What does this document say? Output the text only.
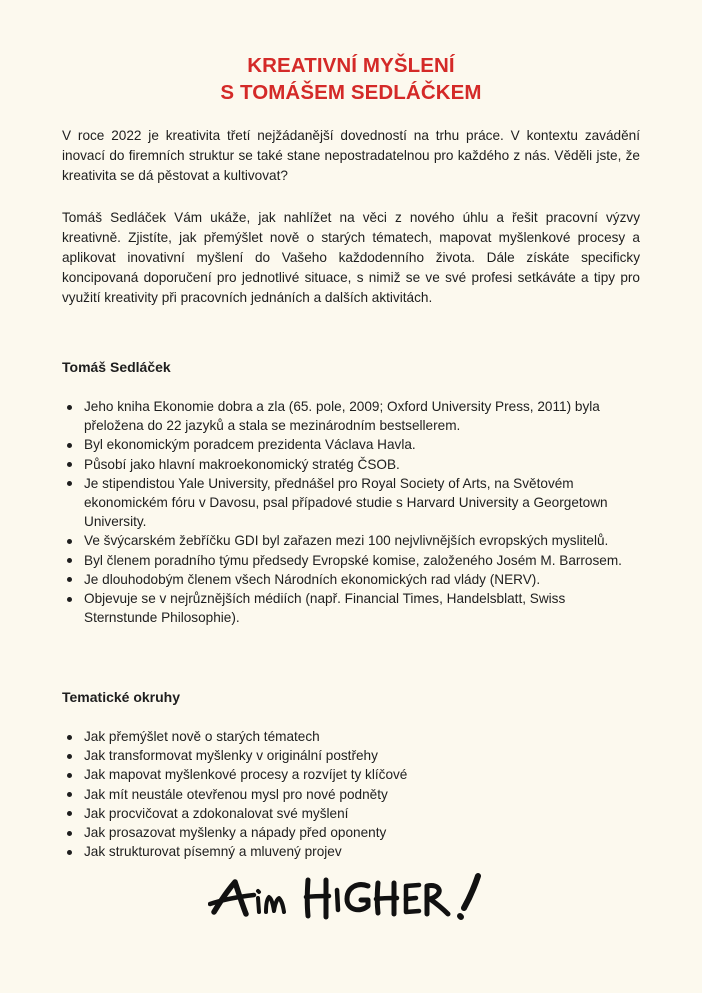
KREATIVNÍ MYŠLENÍ
S TOMÁŠEM SEDLÁČKEM

V roce 2022 je kreativita třetí nejžádanější dovedností na trhu práce. V kontextu zavádění inovací do firemních struktur se také stane nepostradatelnou pro každého z nás. Věděli jste, že kreativita se dá pěstovat a kultivovat?

Tomáš Sedláček Vám ukáže, jak nahlížet na věci z nového úhlu a řešit pracovní výzvy kreativně. Zjistíte, jak přemýšlet nově o starých tématech, mapovat myšlenkové procesy a aplikovat inovativní myšlení do Vašeho každodenního života. Dále získáte specificky koncipovaná doporučení pro jednotlivé situace, s nimiž se ve své profesi setkáváte a tipy pro využití kreativity při pracovních jednáních a dalších aktivitách.

Tomáš Sedláček
Jeho kniha Ekonomie dobra a zla (65. pole, 2009; Oxford University Press, 2011) byla přeložena do 22 jazyků a stala se mezinárodním bestsellerem.
Byl ekonomickým poradcem prezidenta Václava Havla.
Působí jako hlavní makroekonomický stratég ČSOB.
Je stipendistou Yale University, přednášel pro Royal Society of Arts, na Světovém ekonomickém fóru v Davosu, psal případové studie s Harvard University a Georgetown University.
Ve švýcarském žebříčku GDI byl zařazen mezi 100 nejvlivnějších evropských myslitelů.
Byl členem poradního týmu předsedy Evropské komise, založeného Josém M. Barrosem.
Je dlouhodobým členem všech Národních ekonomických rad vlády (NERV).
Objevuje se v nejrůznějších médiích (např. Financial Times, Handelsblatt, Swiss Sternstunde Philosophie).
Tematické okruhy
Jak přemýšlet nově o starých tématech
Jak transformovat myšlenky v originální postřehy
Jak mapovat myšlenkové procesy a rozvíjet ty klíčové
Jak mít neustále otevřenou mysl pro nové podněty
Jak procvičovat a zdokonalovat své myšlení
Jak prosazovat myšlenky a nápady před oponenty
Jak strukturovat písemný a mluvený projev
